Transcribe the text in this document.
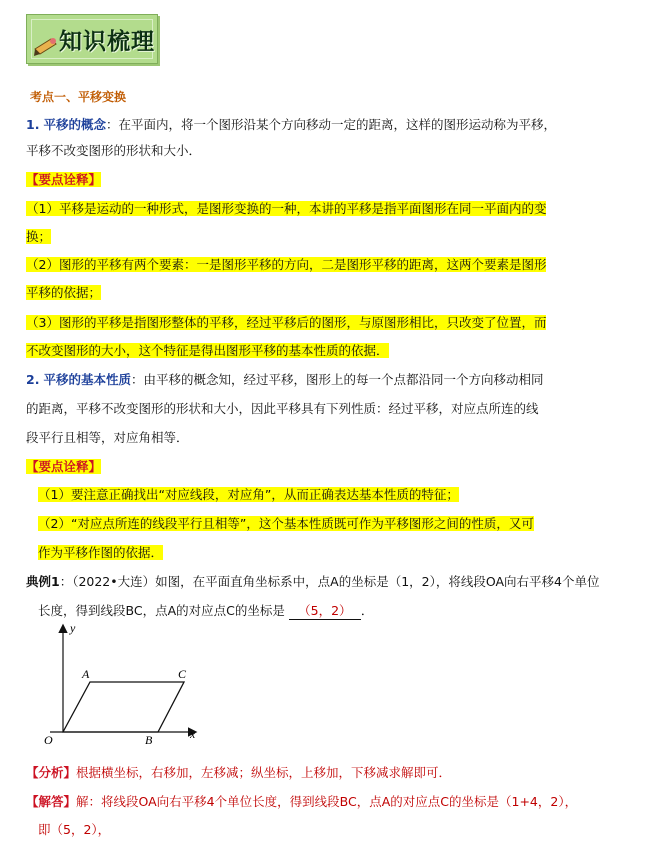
知识梳理
考点一、平移变换
1. 平移的概念：在平面内，将一个图形沿某个方向移动一定的距离，这样的图形运动称为平移，
平移不改变图形的形状和大小．
【要点诠释】
（1）平移是运动的一种形式，是图形变换的一种，本讲的平移是指平面图形在同一平面内的变
换；
（2）图形的平移有两个要素：一是图形平移的方向，二是图形平移的距离，这两个要素是图形
平移的依据；
（3）图形的平移是指图形整体的平移，经过平移后的图形，与原图形相比，只改变了位置，而
不改变图形的大小，这个特征是得出图形平移的基本性质的依据．
2. 平移的基本性质：由平移的概念知，经过平移，图形上的每一个点都沿同一个方向移动相同
的距离，平移不改变图形的形状和大小，因此平移具有下列性质：经过平移，对应点所连的线
段平行且相等，对应角相等．
【要点诠释】
（1）要注意正确找出“对应线段，对应角”，从而正确表达基本性质的特征；
（2）“对应点所连的线段平行且相等”，这个基本性质既可作为平移图形之间的性质，又可
作为平移作图的依据．
典例1：（2022•大连）如图，在平面直角坐标系中，点A的坐标是（1，2），将线段OA向右平移4个单位
长度，得到线段BC，点A的对应点C的坐标是 （5，2） ．
y
x
O
A	C
B
【分析】根据横坐标，右移加，左移减；纵坐标，上移加，下移减求解即可．
【解答】解：将线段OA向右平移4个单位长度，得到线段BC，点A的对应点C的坐标是（1+4，2），
即（5，2），
